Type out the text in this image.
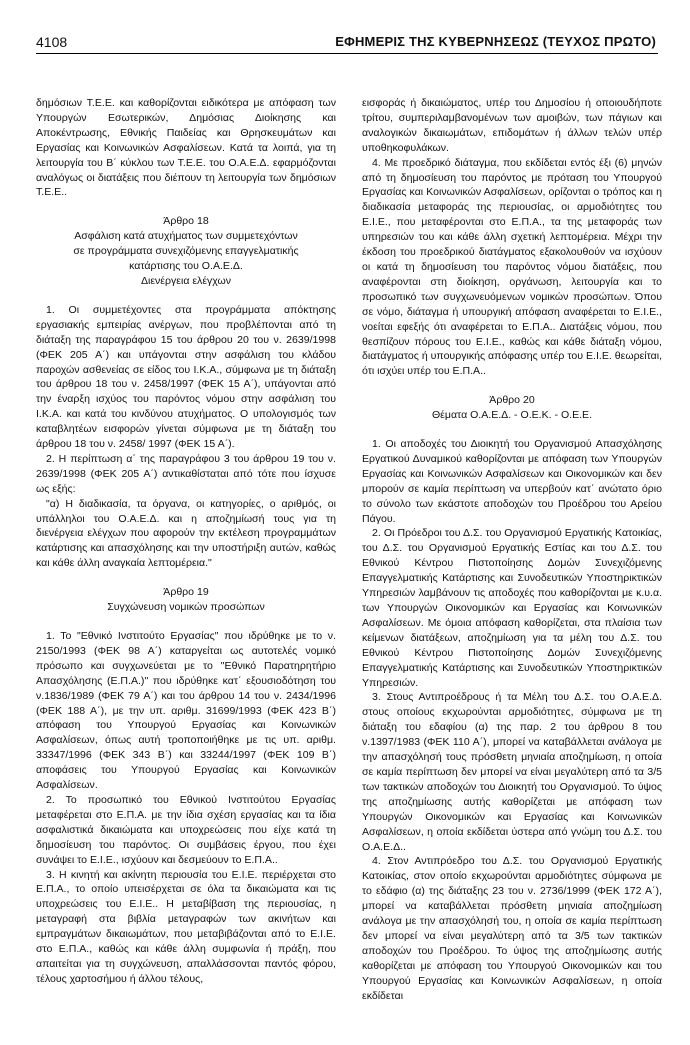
4108	ΕΦΗΜΕΡΙΣ ΤΗΣ ΚΥΒΕΡΝΗΣΕΩΣ (ΤΕΥΧΟΣ ΠΡΩΤΟ)

δημόσιων Τ.Ε.Ε. και καθορίζονται ειδικότερα με απόφαση των Υπουργών Εσωτερικών, Δημόσιας Διοίκησης και Αποκέντρωσης, Εθνικής Παιδείας και Θρησκευμάτων και Εργασίας και Κοινωνικών Ασφαλίσεων. Κατά τα λοιπά, για τη λειτουργία του Β΄ κύκλου των Τ.Ε.Ε. του Ο.Α.Ε.Δ. εφαρμόζονται αναλόγως οι διατάξεις που διέπουν τη λειτουργία των δημόσιων Τ.Ε.Ε..

Άρθρο 18
Ασφάλιση κατά ατυχήματος των συμμετεχόντων
σε προγράμματα συνεχιζόμενης επαγγελματικής
κατάρτισης του Ο.Α.Ε.Δ.
Διενέργεια ελέγχων

1. Οι συμμετέχοντες στα προγράμματα απόκτησης εργασιακής εμπειρίας ανέργων, που προβλέπονται από τη διάταξη της παραγράφου 15 του άρθρου 20 του ν. 2639/1998 (ΦΕΚ 205 Α΄) και υπάγονται στην ασφάλιση του κλάδου παροχών ασθενείας σε είδος του Ι.Κ.Α., σύμφωνα με τη διάταξη του άρθρου 18 του ν. 2458/1997 (ΦΕΚ 15 Α΄), υπάγονται από την έναρξη ισχύος του παρόντος νόμου στην ασφάλιση του Ι.Κ.Α. και κατά του κινδύνου ατυχήματος. Ο υπολογισμός των καταβλητέων εισφορών γίνεται σύμφωνα με τη διάταξη του άρθρου 18 του ν. 2458/ 1997 (ΦΕΚ 15 Α΄).

2. Η περίπτωση α΄ της παραγράφου 3 του άρθρου 19 του ν. 2639/1998 (ΦΕΚ 205 Α΄) αντικαθίσταται από τότε που ίσχυσε ως εξής:

"α) Η διαδικασία, τα όργανα, οι κατηγορίες, ο αριθμός, οι υπάλληλοι του Ο.Α.Ε.Δ. και η αποζημίωσή τους για τη διενέργεια ελέγχων που αφορούν την εκτέλεση προγραμμάτων κατάρτισης και απασχόλησης και την υποστήριξη αυτών, καθώς και κάθε άλλη αναγκαία λεπτομέρεια."

Άρθρο 19
Συγχώνευση νομικών προσώπων

1. Το "Εθνικό Ινστιτούτο Εργασίας" που ιδρύθηκε με το ν. 2150/1993 (ΦΕΚ 98 Α΄) καταργείται ως αυτοτελές νομικό πρόσωπο και συγχωνεύεται με το "Εθνικό Παρατηρητήριο Απασχόλησης (Ε.Π.Α.)" που ιδρύθηκε κατ΄ εξουσιοδότηση του ν.1836/1989 (ΦΕΚ 79 Α΄) και του άρθρου 14 του ν. 2434/1996 (ΦΕΚ 188 Α΄), με την υπ. αριθμ. 31699/1993 (ΦΕΚ 423 Β΄) απόφαση του Υπουργού Εργασίας και Κοινωνικών Ασφαλίσεων, όπως αυτή τροποποιήθηκε με τις υπ. αριθμ. 33347/1996 (ΦΕΚ 343 Β΄) και 33244/1997 (ΦΕΚ 109 Β΄) αποφάσεις του Υπουργού Εργασίας και Κοινωνικών Ασφαλίσεων.

2. Το προσωπικό του Εθνικού Ινστιτούτου Εργασίας μεταφέρεται στο Ε.Π.Α. με την ίδια σχέση εργασίας και τα ίδια ασφαλιστικά δικαιώματα και υποχρεώσεις που είχε κατά τη δημοσίευση του παρόντος. Οι συμβάσεις έργου, που έχει συνάψει το Ε.Ι.Ε., ισχύουν και δεσμεύουν το Ε.Π.Α..

3. Η κινητή και ακίνητη περιουσία του Ε.Ι.Ε. περιέρχεται στο Ε.Π.Α., το οποίο υπεισέρχεται σε όλα τα δικαιώματα και τις υποχρεώσεις του Ε.Ι.Ε.. Η μεταβίβαση της περιουσίας, η μεταγραφή στα βιβλία μεταγραφών των ακινήτων και εμπραγμάτων δικαιωμάτων, που μεταβιβάζονται από το Ε.Ι.Ε. στο Ε.Π.Α., καθώς και κάθε άλλη συμφωνία ή πράξη, που απαιτείται για τη συγχώνευση, απαλλάσσονται παντός φόρου, τέλους χαρτοσήμου ή άλλου τέλους,

εισφοράς ή δικαιώματος, υπέρ του Δημοσίου ή οποιουδήποτε τρίτου, συμπεριλαμβανομένων των αμοιβών, των πάγιων και αναλογικών δικαιωμάτων, επιδομάτων ή άλλων τελών υπέρ υποθηκοφυλάκων.

4. Με προεδρικό διάταγμα, που εκδίδεται εντός έξι (6) μηνών από τη δημοσίευση του παρόντος με πρόταση του Υπουργού Εργασίας και Κοινωνικών Ασφαλίσεων, ορίζονται ο τρόπος και η διαδικασία μεταφοράς της περιουσίας, οι αρμοδιότητες του Ε.Ι.Ε., που μεταφέρονται στο Ε.Π.Α., τα της μεταφοράς των υπηρεσιών του και κάθε άλλη σχετική λεπτομέρεια. Μέχρι την έκδοση του προεδρικού διατάγματος εξακολουθούν να ισχύουν οι κατά τη δημοσίευση του παρόντος νόμου διατάξεις, που αναφέρονται στη διοίκηση, οργάνωση, λειτουργία και το προσωπικό των συγχωνευόμενων νομικών προσώπων. Όπου σε νόμο, διάταγμα ή υπουργική απόφαση αναφέρεται το Ε.Ι.Ε., νοείται εφεξής ότι αναφέρεται το Ε.Π.Α.. Διατάξεις νόμου, που θεσπίζουν πόρους του Ε.Ι.Ε., καθώς και κάθε διάταξη νόμου, διατάγματος ή υπουργικής απόφασης υπέρ του Ε.Ι.Ε. θεωρείται, ότι ισχύει υπέρ του Ε.Π.Α..

Άρθρο 20
Θέματα Ο.Α.Ε.Δ. - Ο.Ε.Κ. - Ο.Ε.Ε.

1. Οι αποδοχές του Διοικητή του Οργανισμού Απασχόλησης Εργατικού Δυναμικού καθορίζονται με απόφαση των Υπουργών Εργασίας και Κοινωνικών Ασφαλίσεων και Οικονομικών και δεν μπορούν σε καμία περίπτωση να υπερβούν κατ΄ ανώτατο όριο το σύνολο των εκάστοτε αποδοχών του Προέδρου του Αρείου Πάγου.

2. Οι Πρόεδροι του Δ.Σ. του Οργανισμού Εργατικής Κατοικίας, του Δ.Σ. του Οργανισμού Εργατικής Εστίας και του Δ.Σ. του Εθνικού Κέντρου Πιστοποίησης Δομών Συνεχιζόμενης Επαγγελματικής Κατάρτισης και Συνοδευτικών Υποστηρικτικών Υπηρεσιών λαμβάνουν τις αποδοχές που καθορίζονται με κ.υ.α. των Υπουργών Οικονομικών και Εργασίας και Κοινωνικών Ασφαλίσεων. Με όμοια απόφαση καθορίζεται, στα πλαίσια των κείμενων διατάξεων, αποζημίωση για τα μέλη του Δ.Σ. του Εθνικού Κέντρου Πιστοποίησης Δομών Συνεχιζόμενης Επαγγελματικής Κατάρτισης και Συνοδευτικών Υποστηρικτικών Υπηρεσιών.

3. Στους Αντιπροέδρους ή τα Μέλη του Δ.Σ. του Ο.Α.Ε.Δ. στους οποίους εκχωρούνται αρμοδιότητες, σύμφωνα με τη διάταξη του εδαφίου (α) της παρ. 2 του άρθρου 8 του ν.1397/1983 (ΦΕΚ 110 Α΄), μπορεί να καταβάλλεται ανάλογα με την απασχόλησή τους πρόσθετη μηνιαία αποζημίωση, η οποία σε καμία περίπτωση δεν μπορεί να είναι μεγαλύτερη από τα 3/5 των τακτικών αποδοχών του Διοικητή του Οργανισμού. Το ύψος της αποζημίωσης αυτής καθορίζεται με απόφαση των Υπουργών Οικονομικών και Εργασίας και Κοινωνικών Ασφαλίσεων, η οποία εκδίδεται ύστερα από γνώμη του Δ.Σ. του Ο.Α.Ε.Δ..

4. Στον Αντιπρόεδρο του Δ.Σ. του Οργανισμού Εργατικής Κατοικίας, στον οποίο εκχωρούνται αρμοδιότητες σύμφωνα με το εδάφιο (α) της διάταξης 23 του ν. 2736/1999 (ΦΕΚ 172 Α΄), μπορεί να καταβάλλεται πρόσθετη μηνιαία αποζημίωση ανάλογα με την απασχόλησή του, η οποία σε καμία περίπτωση δεν μπορεί να είναι μεγαλύτερη από τα 3/5 των τακτικών αποδοχών του Προέδρου. Το ύψος της αποζημίωσης αυτής καθορίζεται με απόφαση του Υπουργού Οικονομικών και του Υπουργού Εργασίας και Κοινωνικών Ασφαλίσεων, η οποία εκδίδεται
